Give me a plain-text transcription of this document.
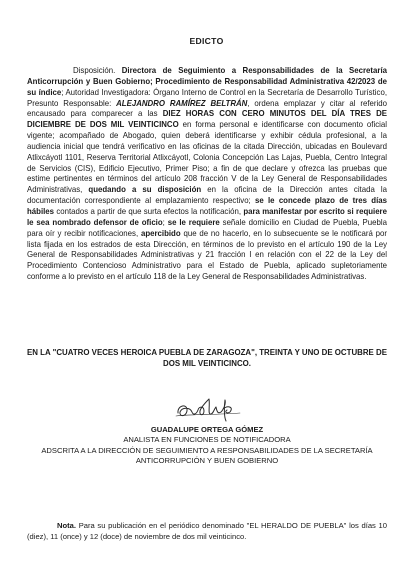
EDICTO
Disposición. Directora de Seguimiento a Responsabilidades de la Secretaría Anticorrupción y Buen Gobierno; Procedimiento de Responsabilidad Administrativa 42/2023 de su índice; Autoridad Investigadora: Órgano Interno de Control en la Secretaría de Desarrollo Turístico, Presunto Responsable: ALEJANDRO RAMÍREZ BELTRÁN, ordena emplazar y citar al referido encausado para comparecer a las DIEZ HORAS CON CERO MINUTOS DEL DÍA TRES DE DICIEMBRE DE DOS MIL VEINTICINCO en forma personal e identificarse con documento oficial vigente; acompañado de Abogado, quien deberá identificarse y exhibir cédula profesional, a la audiencia inicial que tendrá verificativo en las oficinas de la citada Dirección, ubicadas en Boulevard Atlixcáyotl 1101, Reserva Territorial Atlixcáyotl, Colonia Concepción Las Lajas, Puebla, Centro Integral de Servicios (CIS), Edificio Ejecutivo, Primer Piso; a fin de que declare y ofrezca las pruebas que estime pertinentes en términos del artículo 208 fracción V de la Ley General de Responsabilidades Administrativas, quedando a su disposición en la oficina de la Dirección antes citada la documentación correspondiente al emplazamiento respectivo; se le concede plazo de tres días hábiles contados a partir de que surta efectos la notificación, para manifestar por escrito si requiere le sea nombrado defensor de oficio; se le requiere señale domicilio en Ciudad de Puebla, Puebla para oír y recibir notificaciones, apercibido que de no hacerlo, en lo subsecuente se le notificará por lista fijada en los estrados de esta Dirección, en términos de lo previsto en el artículo 190 de la Ley General de Responsabilidades Administrativas y 21 fracción I en relación con el 22 de la Ley del Procedimiento Contencioso Administrativo para el Estado de Puebla, aplicado supletoriamente conforme a lo previsto en el artículo 118 de la Ley General de Responsabilidades Administrativas.
EN LA "CUATRO VECES HEROICA PUEBLA DE ZARAGOZA", TREINTA Y UNO DE OCTUBRE DE DOS MIL VEINTICINCO.
GUADALUPE ORTEGA GÓMEZ
ANALISTA EN FUNCIONES DE NOTIFICADORA
ADSCRITA A LA DIRECCIÓN DE SEGUIMIENTO A RESPONSABILIDADES DE LA SECRETARÍA ANTICORRUPCIÓN Y BUEN GOBIERNO
Nota. Para su publicación en el periódico denominado "EL HERALDO DE PUEBLA" los días 10 (diez), 11 (once) y 12 (doce) de noviembre de dos mil veinticinco.
